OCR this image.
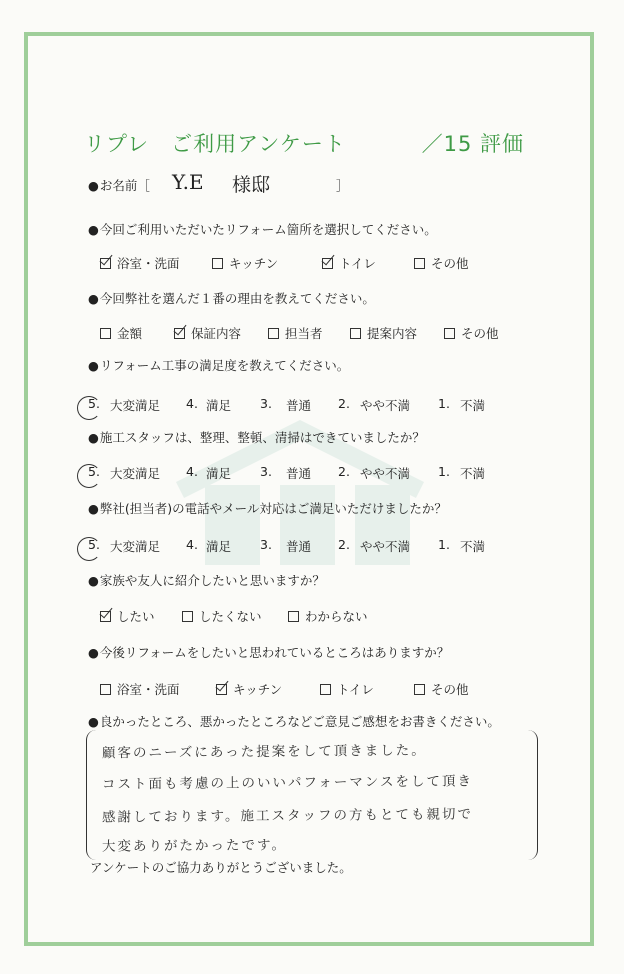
リプレ　ご利用アンケート	／15 評価
● お名前［ Y.E 様邸	］
● 今回ご利用いただいたリフォーム箇所を選択してください。
浴室・洗面	キッチン	トイレ	その他
● 今回弊社を選んだ１番の理由を教えてください。
金額	保証内容	担当者	提案内容	その他
● リフォーム工事の満足度を教えてください。
5. 大変満足 4. 満足 3. 普通 2. やや不満 1. 不満
● 施工スタッフは、整理、整頓、清掃はできていましたか？
5. 大変満足 4. 満足 3. 普通 2. やや不満 1. 不満
● 弊社(担当者)の電話やメール対応はご満足いただけましたか？
5. 大変満足 4. 満足 3. 普通 2. やや不満 1. 不満
● 家族や友人に紹介したいと思いますか？
したい	したくない	わからない
● 今後リフォームをしたいと思われているところはありますか？
浴室・洗面	キッチン	トイレ	その他
● 良かったところ、悪かったところなどご意見ご感想をお書きください。
顧客のニーズにあった提案をして頂きました。
コスト面も考慮の上のいいパフォーマンスをして頂き
感謝しております。施工スタッフの方もとても親切で
大変ありがたかったです。
アンケートのご協力ありがとうございました。
